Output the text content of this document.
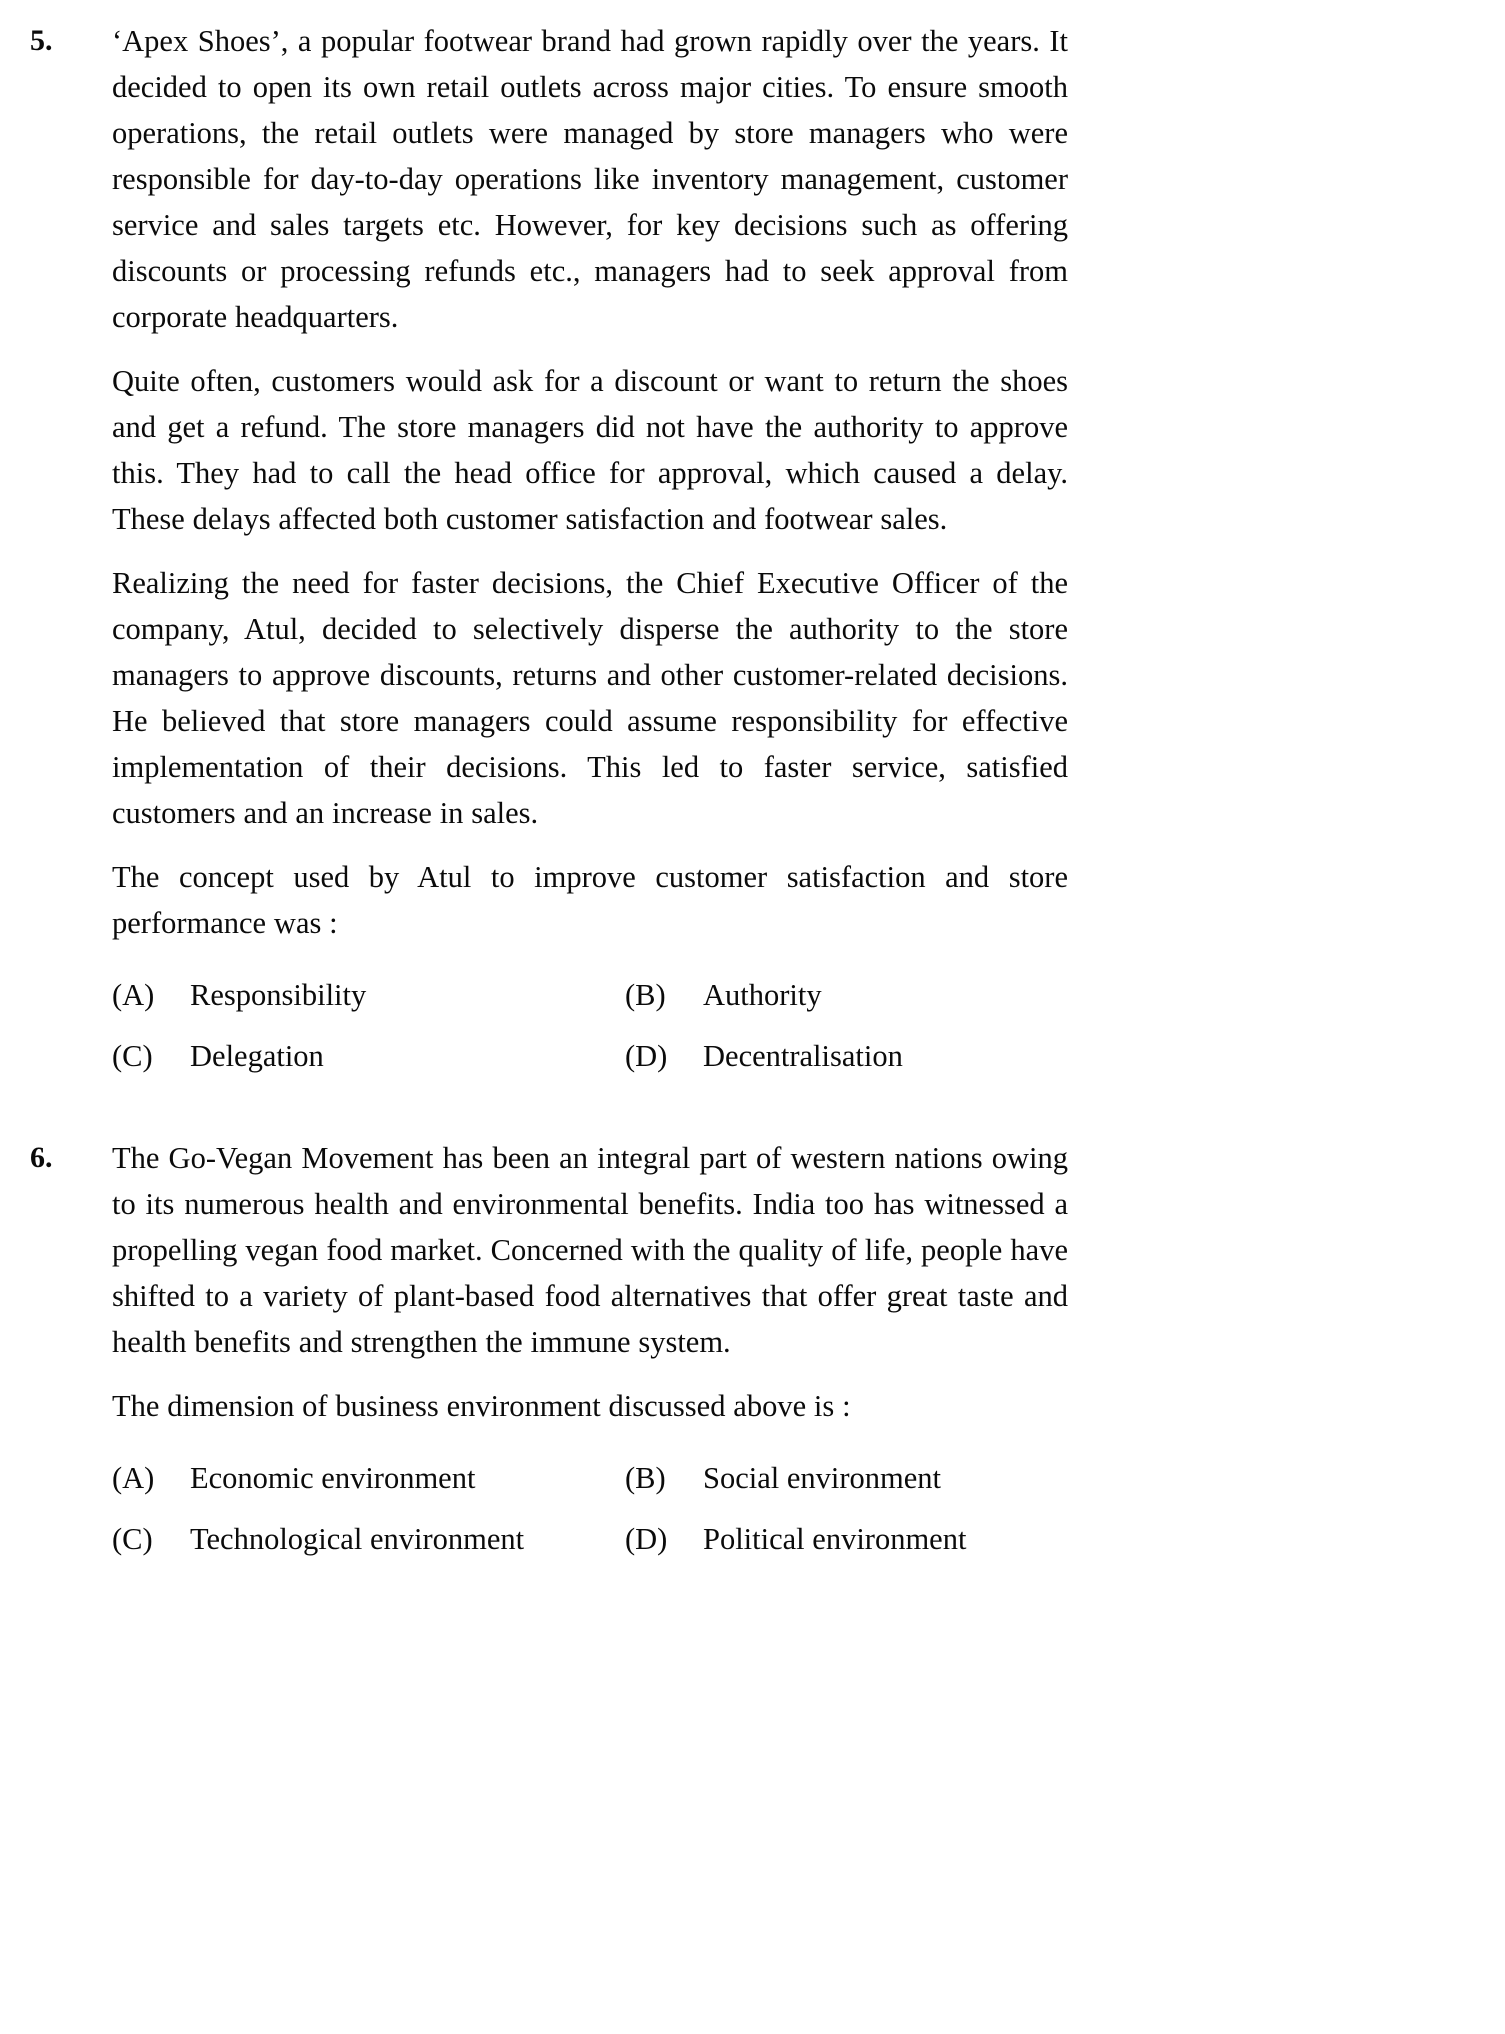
5.	‘Apex Shoes’, a popular footwear brand had grown rapidly over the years. It decided to open its own retail outlets across major cities. To ensure smooth operations, the retail outlets were managed by store managers who were responsible for day-to-day operations like inventory management, customer service and sales targets etc. However, for key decisions such as offering discounts or processing refunds etc., managers had to seek approval from corporate headquarters.

Quite often, customers would ask for a discount or want to return the shoes and get a refund. The store managers did not have the authority to approve this. They had to call the head office for approval, which caused a delay. These delays affected both customer satisfaction and footwear sales.

Realizing the need for faster decisions, the Chief Executive Officer of the company, Atul, decided to selectively disperse the authority to the store managers to approve discounts, returns and other customer-related decisions. He believed that store managers could assume responsibility for effective implementation of their decisions. This led to faster service, satisfied customers and an increase in sales.

The concept used by Atul to improve customer satisfaction and store performance was :

(A)	Responsibility	(B)	Authority
(C)	Delegation	(D)	Decentralisation
6.	The Go-Vegan Movement has been an integral part of western nations owing to its numerous health and environmental benefits. India too has witnessed a propelling vegan food market. Concerned with the quality of life, people have shifted to a variety of plant-based food alternatives that offer great taste and health benefits and strengthen the immune system.

The dimension of business environment discussed above is :

(A)	Economic environment	(B)	Social environment
(C)	Technological environment	(D)	Political environment
